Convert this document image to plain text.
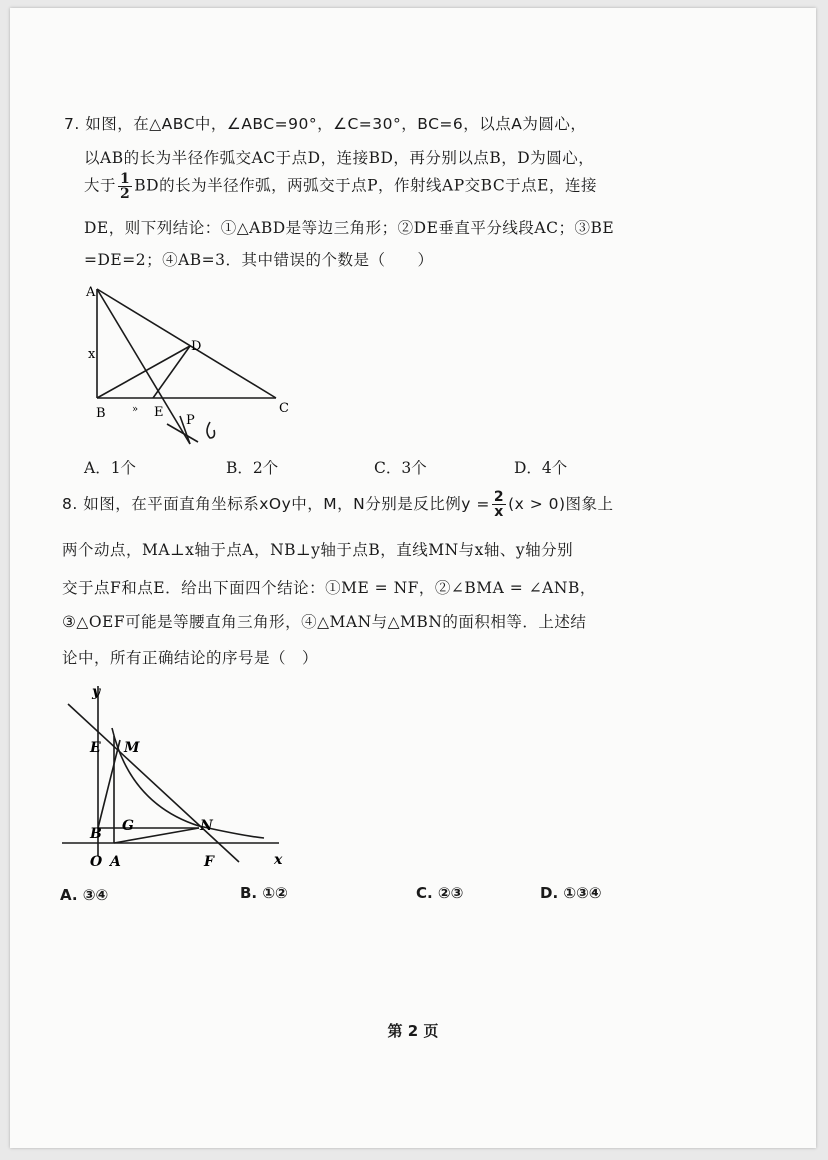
7. 如图，在△ABC中，∠ABC=90°，∠C=30°，BC=6，以点A为圆心，
以AB的长为半径作弧交AC于点D，连接BD，再分别以点B，D为圆心，
大于 $\frac{1}{2}$ BD的长为半径作弧，两弧交于点P，作射线AP交BC于点E，连接
DE，则下列结论：①△ABD是等边三角形；②DE垂直平分线段AC；③BE
=DE=2；④AB=3．其中错误的个数是（　　）
A
x
B	» E
D
C
P
A．1个	B．2个	C．3个	D．4个
8. 如图，在平面直角坐标系xOy中，M，N分别是反比例$y = \frac{2}{x} (x > 0)$图象上
两个动点，MA⊥x轴于点A，NB⊥y轴于点B，直线MN与x轴、y轴分别
交于点F和点E．给出下面四个结论：①ME = NF，②∠BMA = ∠ANB，
③△OEF可能是等腰直角三角形，④△MAN与△MBN的面积相等．上述结
论中，所有正确结论的序号是（　）
y
x
E M
B G	N
O A	F
A. ③④	B. ①②	C. ②③	D. ①③④
第 2 页
